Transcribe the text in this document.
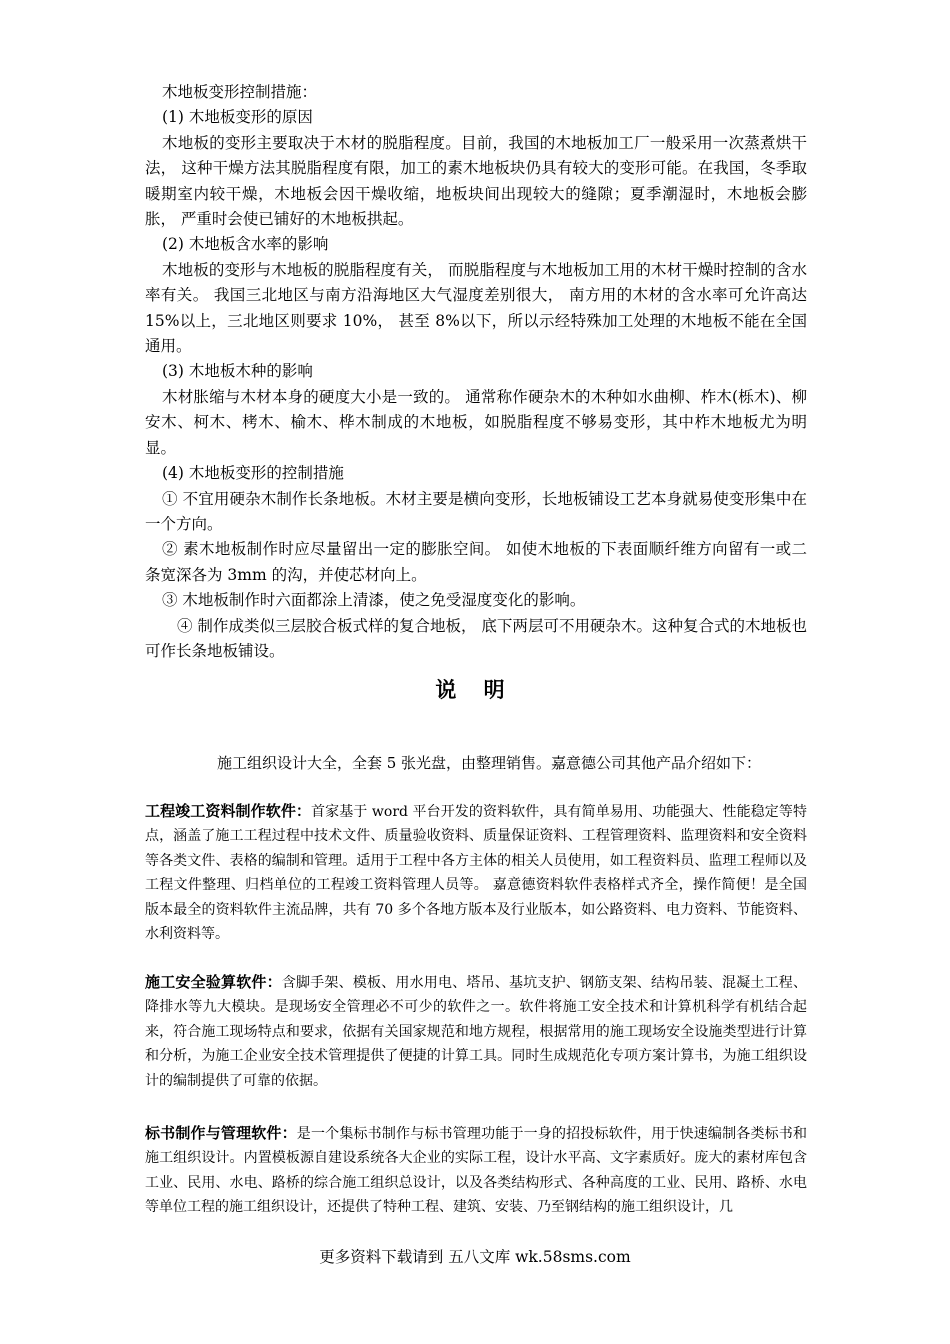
木地板变形控制措施：

(1) 木地板变形的原因

木地板的变形主要取决于木材的脱脂程度。目前，我国的木地板加工厂一般采用一次蒸煮烘干法， 这种干燥方法其脱脂程度有限，加工的素木地板块仍具有较大的变形可能。在我国，冬季取暖期室内较干燥，木地板会因干燥收缩，地板块间出现较大的缝隙；夏季潮湿时，木地板会膨胀， 严重时会使已铺好的木地板拱起。

(2) 木地板含水率的影响

木地板的变形与木地板的脱脂程度有关， 而脱脂程度与木地板加工用的木材干燥时控制的含水率有关。 我国三北地区与南方沿海地区大气湿度差别很大， 南方用的木材的含水率可允许高达 15%以上，三北地区则要求 10%， 甚至 8%以下，所以示经特殊加工处理的木地板不能在全国通用。

(3) 木地板木种的影响

木材胀缩与木材本身的硬度大小是一致的。 通常称作硬杂木的木种如水曲柳、柞木(栎木)、柳安木、柯木、栲木、榆木、桦木制成的木地板，如脱脂程度不够易变形，其中柞木地板尤为明显。

(4) 木地板变形的控制措施

① 不宜用硬杂木制作长条地板。木材主要是横向变形，长地板铺设工艺本身就易使变形集中在一个方向。

② 素木地板制作时应尽量留出一定的膨胀空间。 如使木地板的下表面顺纤维方向留有一或二条宽深各为 3mm 的沟，并使芯材向上。

③ 木地板制作时六面都涂上清漆，使之免受湿度变化的影响。

④ 制作成类似三层胶合板式样的复合地板， 底下两层可不用硬杂木。这种复合式的木地板也可作长条地板铺设。

说 明
施工组织设计大全，全套 5 张光盘，由整理销售。嘉意德公司其他产品介绍如下：

工程竣工资料制作软件：首家基于 word 平台开发的资料软件，具有简单易用、功能强大、性能稳定等特点，涵盖了施工工程过程中技术文件、质量验收资料、质量保证资料、工程管理资料、监理资料和安全资料等各类文件、表格的编制和管理。适用于工程中各方主体的相关人员使用，如工程资料员、监理工程师以及工程文件整理、归档单位的工程竣工资料管理人员等。 嘉意德资料软件表格样式齐全，操作简便！是全国版本最全的资料软件主流品牌，共有 70 多个各地方版本及行业版本，如公路资料、电力资料、节能资料、水利资料等。

施工安全验算软件：含脚手架、模板、用水用电、塔吊、基坑支护、钢筋支架、结构吊装、混凝土工程、降排水等九大模块。是现场安全管理必不可少的软件之一。软件将施工安全技术和计算机科学有机结合起来，符合施工现场特点和要求，依据有关国家规范和地方规程，根据常用的施工现场安全设施类型进行计算和分析，为施工企业安全技术管理提供了便捷的计算工具。同时生成规范化专项方案计算书，为施工组织设计的编制提供了可靠的依据。

标书制作与管理软件：是一个集标书制作与标书管理功能于一身的招投标软件，用于快速编制各类标书和施工组织设计。内置模板源自建设系统各大企业的实际工程，设计水平高、文字素质好。庞大的素材库包含工业、民用、水电、路桥的综合施工组织总设计，以及各类结构形式、各种高度的工业、民用、路桥、水电等单位工程的施工组织设计，还提供了特种工程、建筑、安装、乃至钢结构的施工组织设计，几

更多资料下载请到 五八文库 wk.58sms.com
